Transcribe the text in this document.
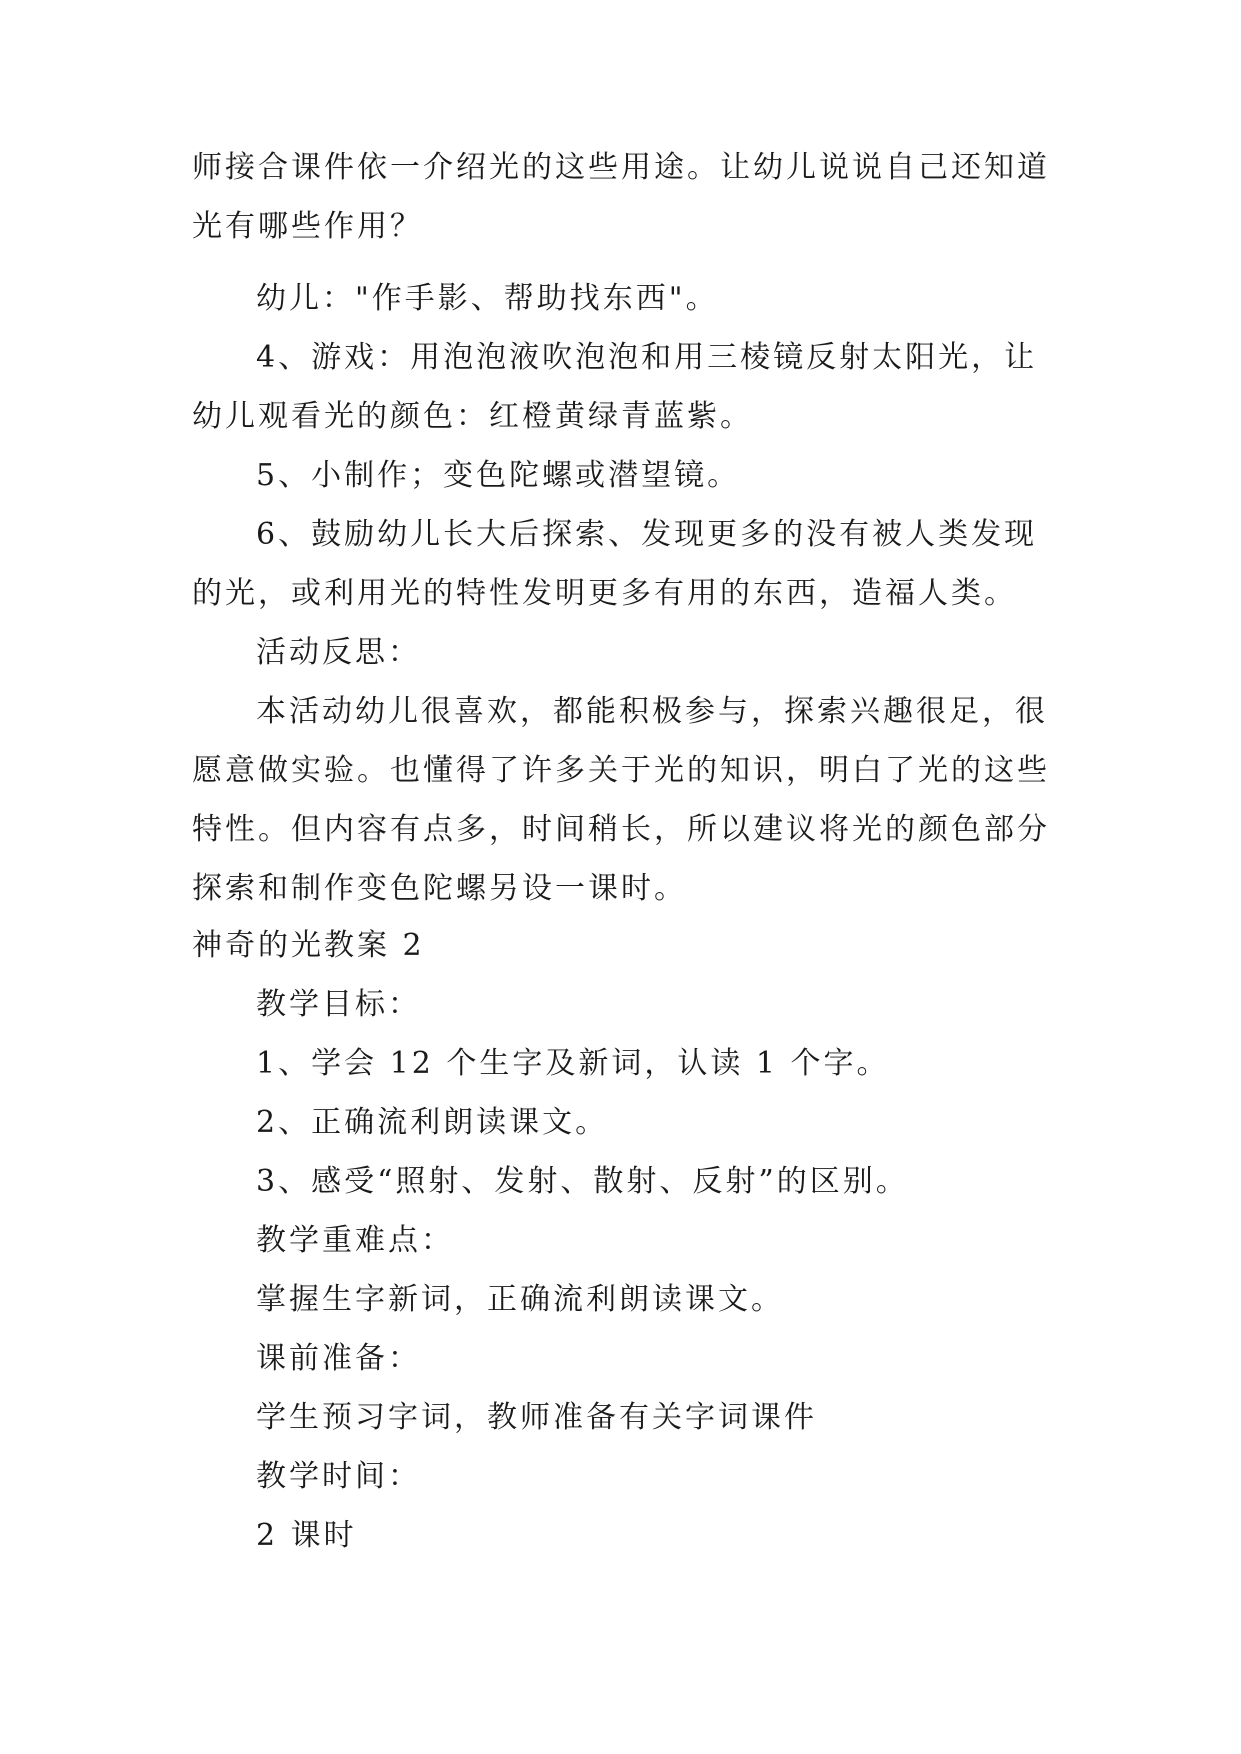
师接合课件依一介绍光的这些用途。让幼儿说说自己还知道
光有哪些作用？
幼儿："作手影、帮助找东西"。
4、游戏：用泡泡液吹泡泡和用三棱镜反射太阳光，让
幼儿观看光的颜色：红橙黄绿青蓝紫。
5、小制作；变色陀螺或潜望镜。
6、鼓励幼儿长大后探索、发现更多的没有被人类发现
的光，或利用光的特性发明更多有用的东西，造福人类。
活动反思：
本活动幼儿很喜欢，都能积极参与，探索兴趣很足，很
愿意做实验。也懂得了许多关于光的知识，明白了光的这些
特性。但内容有点多，时间稍长，所以建议将光的颜色部分
探索和制作变色陀螺另设一课时。
神奇的光教案 2
教学目标：
1、学会 12 个生字及新词，认读 1 个字。
2、正确流利朗读课文。
3、感受“照射、发射、散射、反射”的区别。
教学重难点：
掌握生字新词，正确流利朗读课文。
课前准备：
学生预习字词，教师准备有关字词课件
教学时间：
2 课时
